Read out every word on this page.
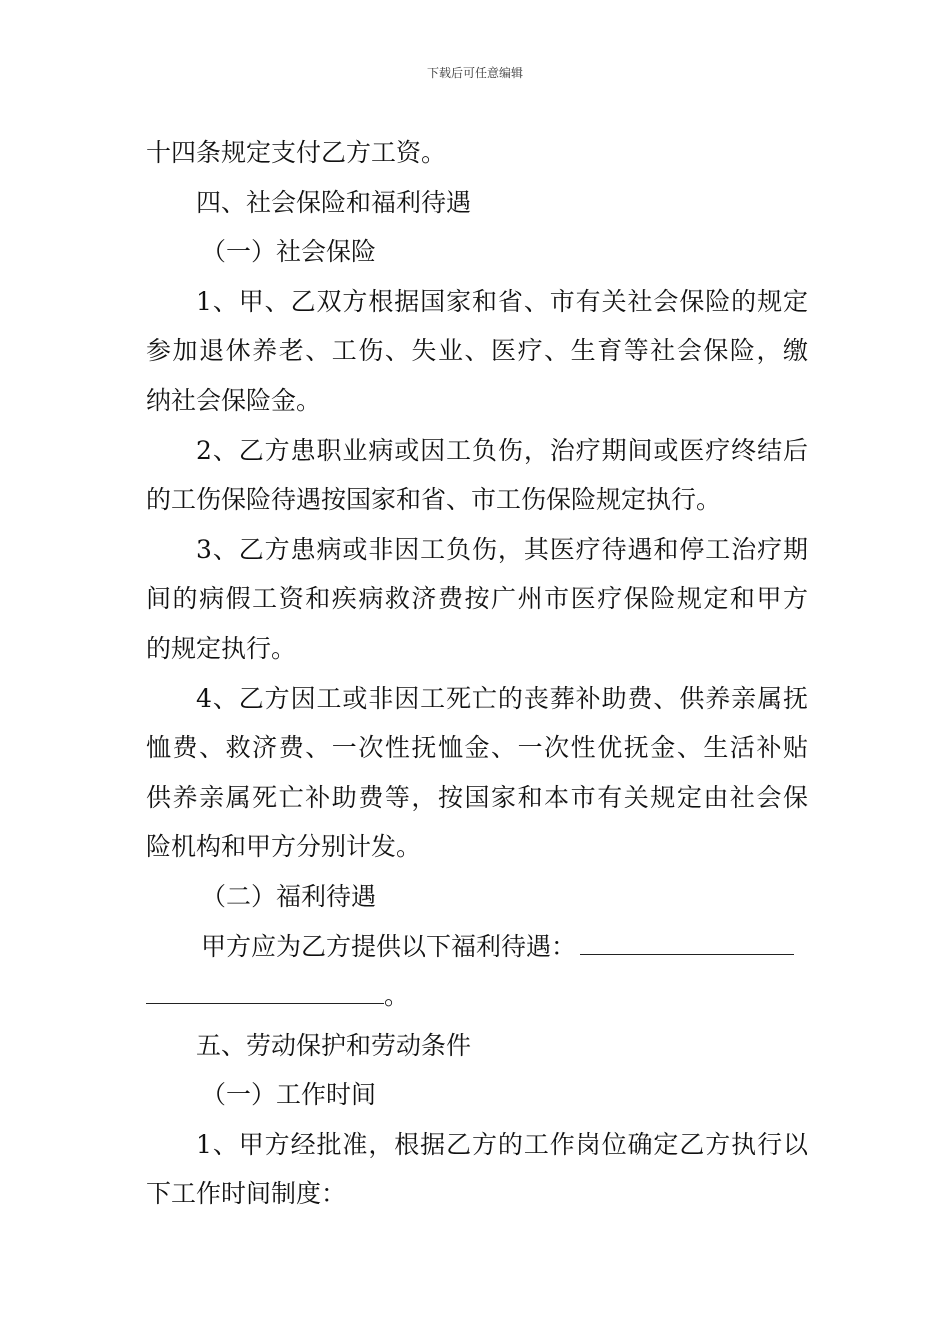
下载后可任意编辑
十四条规定支付乙方工资。
四、社会保险和福利待遇
（一）社会保险
1、甲、乙双方根据国家和省、市有关社会保险的规定
参加退休养老、工伤、失业、医疗、生育等社会保险，缴
纳社会保险金。
2、乙方患职业病或因工负伤，治疗期间或医疗终结后
的工伤保险待遇按国家和省、市工伤保险规定执行。
3、乙方患病或非因工负伤，其医疗待遇和停工治疗期
间的病假工资和疾病救济费按广州市医疗保险规定和甲方
的规定执行。
4、乙方因工或非因工死亡的丧葬补助费、供养亲属抚
恤费、救济费、一次性抚恤金、一次性优抚金、生活补贴
供养亲属死亡补助费等，按国家和本市有关规定由社会保
险机构和甲方分别计发。
（二）福利待遇
甲方应为乙方提供以下福利待遇：
。
五、劳动保护和劳动条件
（一）工作时间
1、甲方经批准，根据乙方的工作岗位确定乙方执行以
下工作时间制度：
